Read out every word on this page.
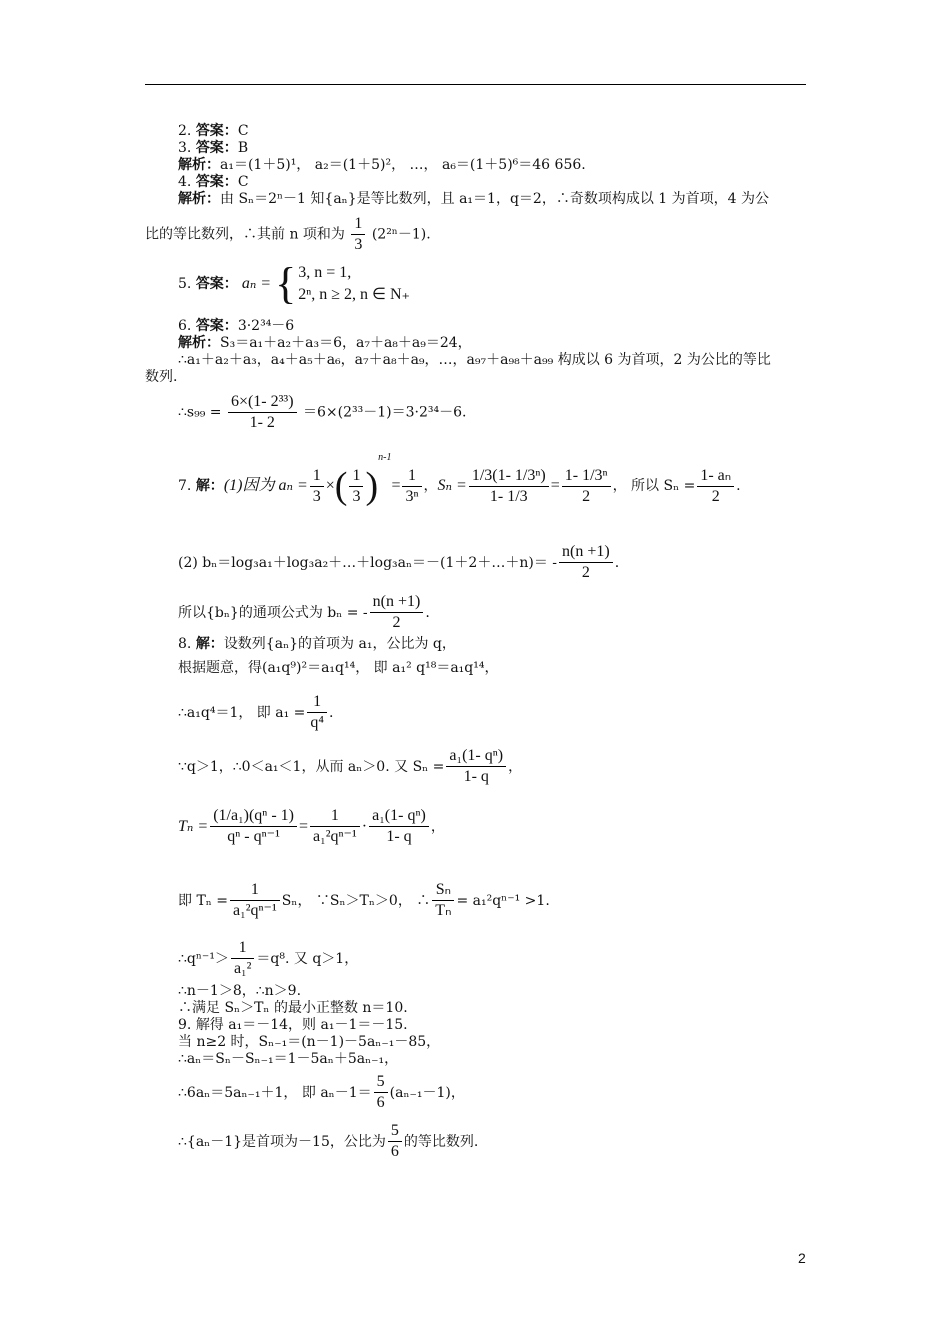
2. 答案：C
3. 答案：B
解析：a₁＝(1＋5)¹， a₂＝(1＋5)²， …， a₆＝(1＋5)⁶＝46 656.
4. 答案：C
解析：由 Sₙ＝2ⁿ－1 知{aₙ}是等比数列，且 a₁＝1，q＝2，∴奇数项构成以 1 为首项，4 为公
比的等比数列，∴其前 n 项和为 $\frac{1}{3} (2^{2n}-1)$.
5.
答案： aₙ = { 3, n = 1,
2ⁿ, n ≥ 2, n ∈ N₊
6. 答案：3·2³⁴－6
解析：S₃＝a₁＋a₂＋a₃＝6，a₇＋a₈＋a₉＝24，
∴a₁＋a₂＋a₃，a₄＋a₅＋a₆，a₇＋a₈＋a₉，…，a₉₇＋a₉₈＋a₉₉ 构成以 6 为首项，2 为公比的等比
数列.
∴s₉₉ = $\frac{\text{6×(1- 2³³)}}{1- 2} =6\times(2^{33}-1)=3\cdot 2^{34}-6$.
7.
解： (1)因为 $a_n = \frac{1}{3}$ × ( $\frac{1}{3}$ )
n-1
= $\frac{1}{\text{3ⁿ}}$ ， $S_n = \frac{\text{1/3(1- 1/3ⁿ)}}{1- 1/3} = \frac{\text{1- 1/3ⁿ}}{2}$ ， 所以 $S_n = \frac{\text{1- aₙ}}{2}$ .
(2) bₙ＝log₃a₁＋log₃a₂＋…＋log₃aₙ＝－(1＋2＋…＋n)＝ - $\frac{n(n +1)}{2}$ .
所以{bₙ}的通项公式为 bₙ = - $\frac{n(n +1)}{2}$ .
8. 解：设数列{aₙ}的首项为 a₁，公比为 q，
根据题意，得(a₁q⁹)²＝a₁q¹⁴， 即 a₁² q¹⁸＝a₁q¹⁴，
∴a₁q⁴＝1， 即 $a_1 = \frac{1}{\text{q⁴}}$ .
∵q＞1，∴0＜a₁＜1，从而 aₙ＞0. 又 $S_n = \frac{\text{a₁(1- qⁿ)}}{1- q}$ ，
$T_n = \frac{\text{(1/a₁)(qⁿ - 1)}}{\text{qⁿ - qⁿ⁻¹}} = \frac{1}{\text{a₁²qⁿ⁻¹}} \cdot \frac{\text{a₁(1- qⁿ)}}{1- q}$ ，
即 $T_n = \frac{1}{\text{a₁²qⁿ⁻¹}}$ Sₙ， ∵Sₙ＞Tₙ＞0， ∴ $\frac{\text{Sₙ}}{\text{Tₙ}} = a_1^2q^{n-1} >1$.
∴qⁿ⁻¹＞ $\frac{1}{\text{a₁²}} =q^8$. 又 q＞1，
∴n－1＞8，∴n＞9.
∴满足 Sₙ＞Tₙ 的最小正整数 n＝10.
9. 解得 a₁＝－14，则 a₁－1＝－15.
当 n≥2 时，Sₙ₋₁＝(n－1)－5aₙ₋₁－85，
∴aₙ＝Sₙ－Sₙ₋₁＝1－5aₙ＋5aₙ₋₁，
∴6aₙ＝5aₙ₋₁＋1， 即 $a_n-1= \frac{5}{6} (a_{n-1}-1)$，
∴{aₙ－1}是首项为－15，公比为 $\frac{5}{6}$ 的等比数列.
2
